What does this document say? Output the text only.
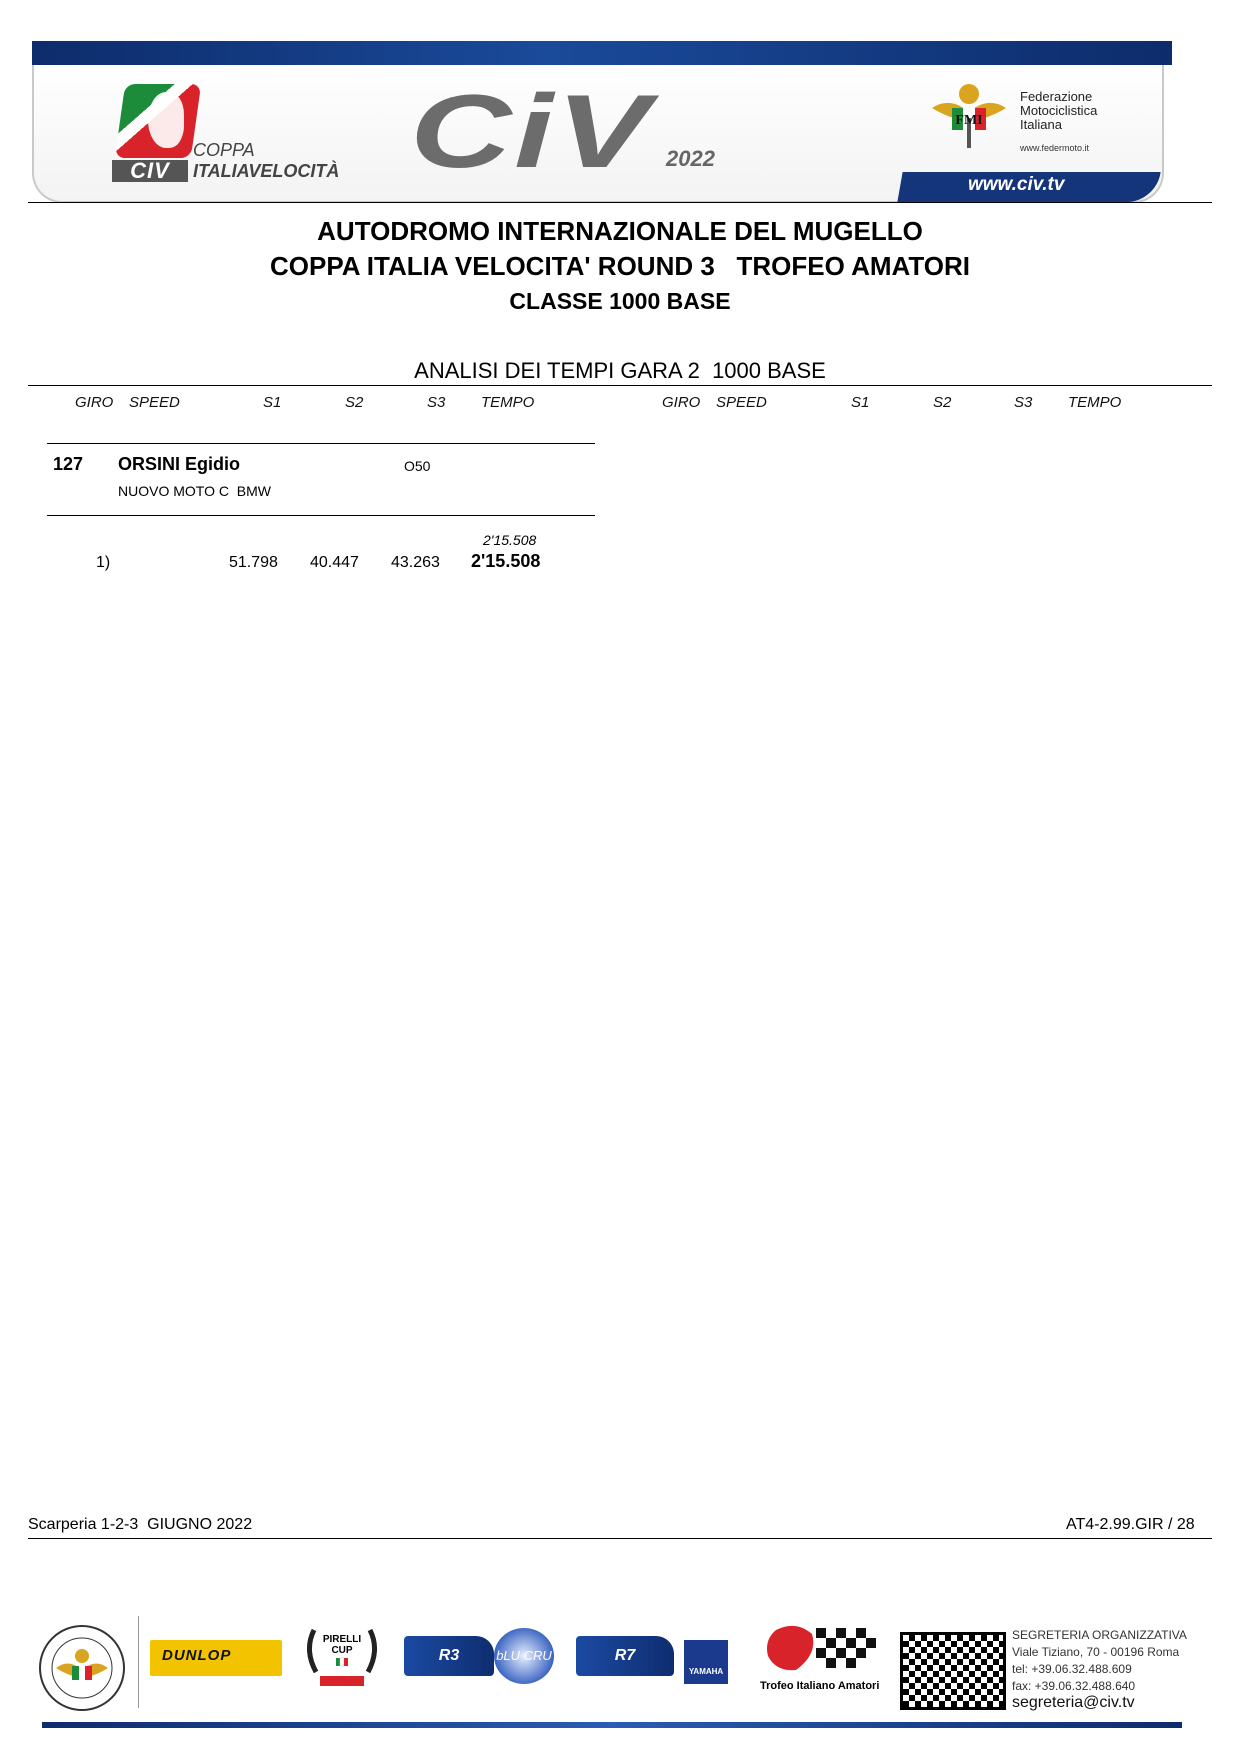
CIV
COPPA
ITALIAVELOCITÀ CiV 2022
FMI
Federazione
Motociclistica
Italiana
www.federmoto.it
www.civ.tv
AUTODROMO INTERNAZIONALE DEL MUGELLO
COPPA ITALIA VELOCITA' ROUND 3   TROFEO AMATORI
CLASSE 1000 BASE
ANALISI DEI TEMPI GARA 2  1000 BASE
GIRO SPEED	S1	S2	S3 TEMPO	GIRO SPEED	S1	S2	S3 TEMPO
127 ORSINI Egidio	O50
NUOVO MOTO C  BMW
2'15.508
1)	51.798 40.447 43.263 2'15.508
Scarperia 1-2-3  GIUGNO 2022	AT4-2.99.GIR / 28
DUNLOP
PIRELLI CUP	R3	bLU CRU	R7
YAMAHA
Trofeo Italiano Amatori
SEGRETERIA ORGANIZZATIVA
Viale Tiziano, 70 - 00196 Roma
tel: +39.06.32.488.609
fax: +39.06.32.488.640
segreteria@civ.tv
